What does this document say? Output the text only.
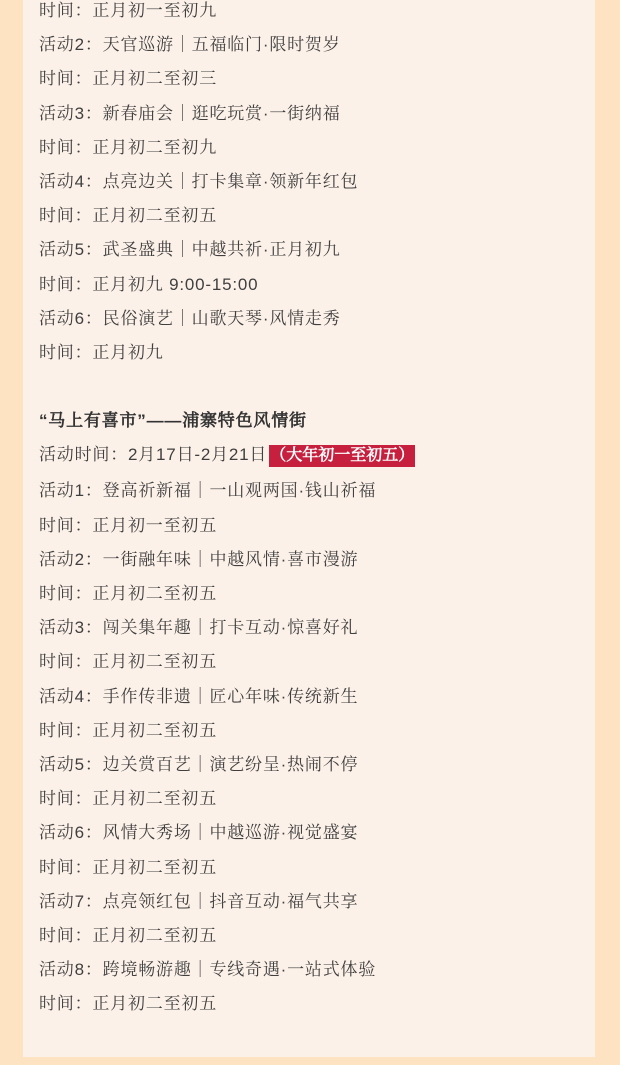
时间：正月初一至初九

活动2：天官巡游｜五福临门·限时贺岁

时间：正月初二至初三

活动3：新春庙会｜逛吃玩赏·一街纳福

时间：正月初二至初九

活动4：点亮边关｜打卡集章·领新年红包

时间：正月初二至初五

活动5：武圣盛典｜中越共祈·正月初九

时间：正月初九 9:00-15:00

活动6：民俗演艺｜山歌天琴·风情走秀

时间：正月初九

“马上有喜市”——浦寨特色风情街

活动时间：2月17日-2月21日 （大年初一至初五）

活动1：登高祈新福｜一山观两国·钱山祈福

时间：正月初一至初五

活动2：一街融年味｜中越风情·喜市漫游

时间：正月初二至初五

活动3：闯关集年趣｜打卡互动·惊喜好礼

时间：正月初二至初五

活动4：手作传非遗｜匠心年味·传统新生

时间：正月初二至初五

活动5：边关赏百艺｜演艺纷呈·热闹不停

时间：正月初二至初五

活动6：风情大秀场｜中越巡游·视觉盛宴

时间：正月初二至初五

活动7：点亮领红包｜抖音互动·福气共享

时间：正月初二至初五

活动8：跨境畅游趣｜专线奇遇·一站式体验

时间：正月初二至初五
